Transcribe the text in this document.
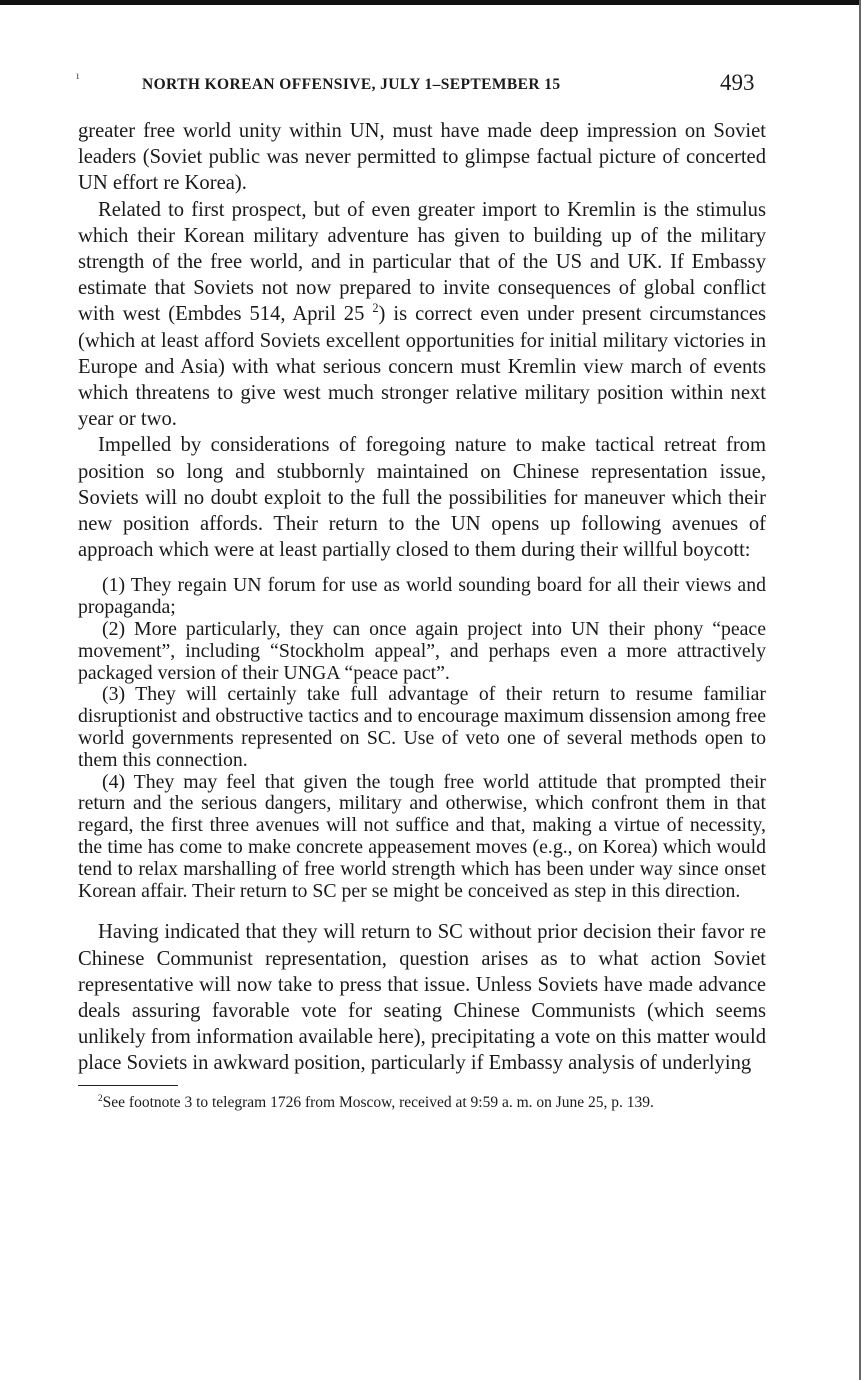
ı
NORTH KOREAN OFFENSIVE, JULY 1–SEPTEMBER 15	493

greater free world unity within UN, must have made deep impression on Soviet leaders (Soviet public was never permitted to glimpse factual picture of concerted UN effort re Korea).

Related to first prospect, but of even greater import to Kremlin is the stimulus which their Korean military adventure has given to building up of the military strength of the free world, and in particular that of the US and UK. If Embassy estimate that Soviets not now prepared to invite consequences of global conflict with west (Embdes 514, April 25 $^2$) is correct even under present circumstances (which at least afford Soviets excellent opportunities for initial military victories in Europe and Asia) with what serious concern must Kremlin view march of events which threatens to give west much stronger relative military position within next year or two.

Impelled by considerations of foregoing nature to make tactical retreat from position so long and stubbornly maintained on Chinese representation issue, Soviets will no doubt exploit to the full the possibilities for maneuver which their new position affords. Their return to the UN opens up following avenues of approach which were at least partially closed to them during their willful boycott:

(1) They regain UN forum for use as world sounding board for all their views and propaganda;

(2) More particularly, they can once again project into UN their phony “peace movement”, including “Stockholm appeal”, and perhaps even a more attractively packaged version of their UNGA “peace pact”.

(3) They will certainly take full advantage of their return to resume familiar disruptionist and obstructive tactics and to encourage maximum dissension among free world governments represented on SC. Use of veto one of several methods open to them this connection.

(4) They may feel that given the tough free world attitude that prompted their return and the serious dangers, military and otherwise, which confront them in that regard, the first three avenues will not suffice and that, making a virtue of necessity, the time has come to make concrete appeasement moves (e.g., on Korea) which would tend to relax marshalling of free world strength which has been under way since onset Korean affair. Their return to SC per se might be conceived as step in this direction.

Having indicated that they will return to SC without prior decision their favor re Chinese Communist representation, question arises as to what action Soviet representative will now take to press that issue. Unless Soviets have made advance deals assuring favorable vote for seating Chinese Communists (which seems unlikely from information available here), precipitating a vote on this matter would place Soviets in awkward position, particularly if Embassy analysis of underlying

$^2$See footnote 3 to telegram 1726 from Moscow, received at 9:59 a. m. on June 25, p. 139.
